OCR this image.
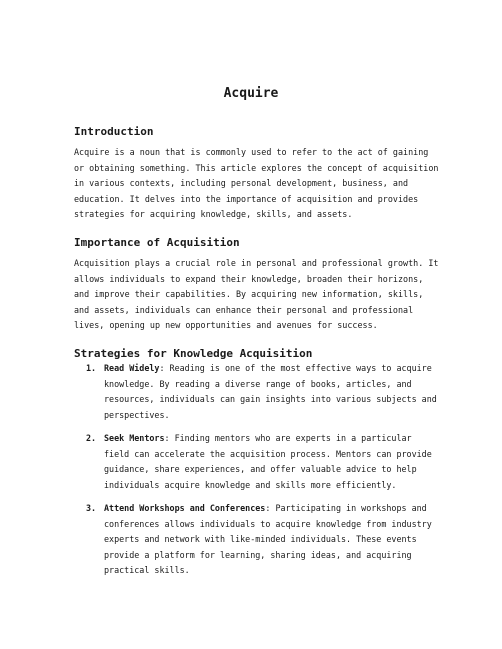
Acquire
Introduction

Acquire is a noun that is commonly used to refer to the act of gaining
or obtaining something. This article explores the concept of acquisition
in various contexts, including personal development, business, and
education. It delves into the importance of acquisition and provides
strategies for acquiring knowledge, skills, and assets.

Importance of Acquisition

Acquisition plays a crucial role in personal and professional growth. It
allows individuals to expand their knowledge, broaden their horizons,
and improve their capabilities. By acquiring new information, skills,
and assets, individuals can enhance their personal and professional
lives, opening up new opportunities and avenues for success.

Strategies for Knowledge Acquisition
1. Read Widely: Reading is one of the most effective ways to acquire
knowledge. By reading a diverse range of books, articles, and
resources, individuals can gain insights into various subjects and
perspectives.
2. Seek Mentors: Finding mentors who are experts in a particular
field can accelerate the acquisition process. Mentors can provide
guidance, share experiences, and offer valuable advice to help
individuals acquire knowledge and skills more efficiently.
3. Attend Workshops and Conferences: Participating in workshops and
conferences allows individuals to acquire knowledge from industry
experts and network with like-minded individuals. These events
provide a platform for learning, sharing ideas, and acquiring
practical skills.
